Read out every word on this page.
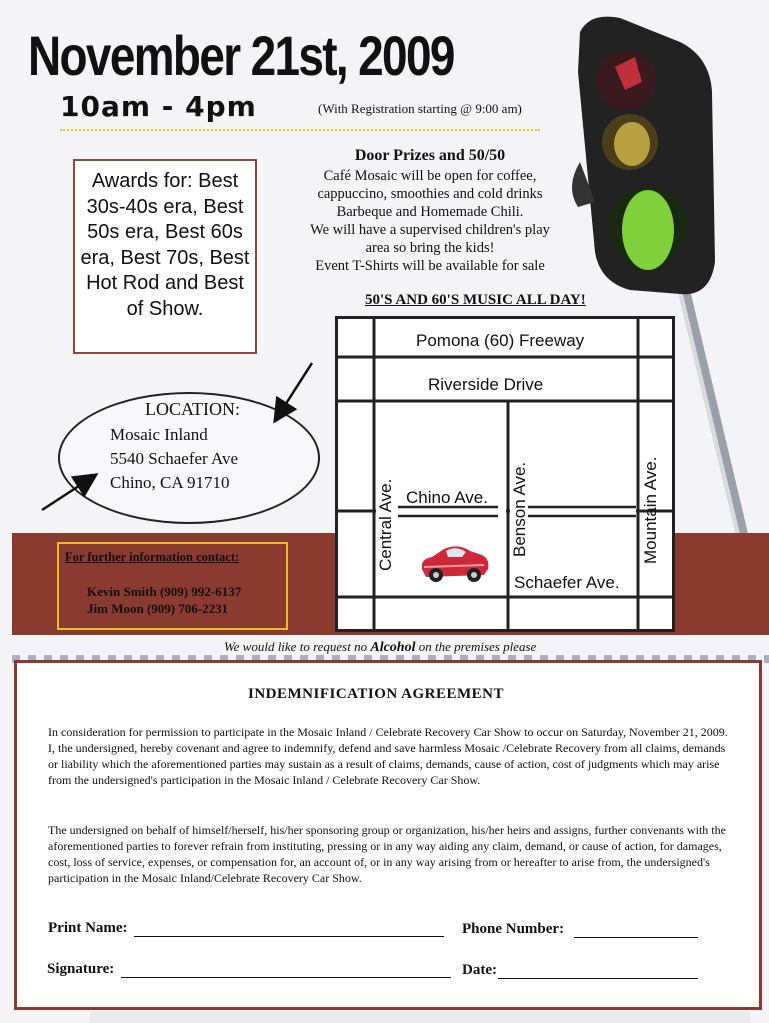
November 21st, 2009
10am - 4pm	(With Registration starting @ 9:00 am)
Awards for: Best 30s-40s era, Best 50s era, Best 60s era, Best 70s, Best Hot Rod and Best of Show.
Door Prizes and 50/50
Café Mosaic will be open for coffee,
cappuccino, smoothies and cold drinks
Barbeque and Homemade Chili.
We will have a supervised children's play
area so bring the kids!
Event T-Shirts will be available for sale
50'S AND 60'S MUSIC ALL DAY!
LOCATION:
Mosaic Inland
5540 Schaefer Ave
Chino, CA 91710
For further information contact:
Kevin Smith (909) 992-6137
Jim Moon (909) 706-2231
Pomona (60) Freeway
Riverside Drive
Chino Ave.
Schaefer Ave.
Central Ave.	Benson Ave.	Mountain Ave.
We would like to request no Alcohol on the premises please
INDEMNIFICATION AGREEMENT
In consideration for permission to participate in the Mosaic Inland / Celebrate Recovery Car Show to occur on Saturday, November 21, 2009. I, the undersigned, hereby covenant and agree to indemnify, defend and save harmless Mosaic /Celebrate Recovery from all claims, demands or liability which the aforementioned parties may sustain as a result of claims, demands, cause of action, cost of judgments which may arise from the undersigned's participation in the Mosaic Inland / Celebrate Recovery Car Show.
The undersigned on behalf of himself/herself, his/her sponsoring group or organization, his/her heirs and assigns, further convenants with the aforementioned parties to forever refrain from instituting, pressing or in any way aiding any claim, demand, or cause of action, for damages, cost, loss of service, expenses, or compensation for, an account of, or in any way arising from or hereafter to arise from, the undersigned's participation in the Mosaic Inland/Celebrate Recovery Car Show.
Print Name:	Phone Number:
Signature:	Date:
